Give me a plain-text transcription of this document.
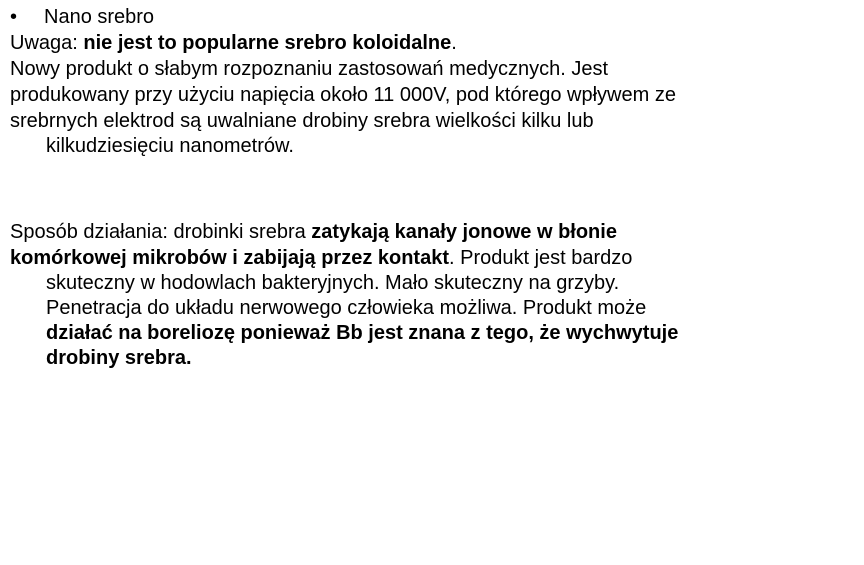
• Nano srebro
Uwaga: nie jest to popularne srebro koloidalne.
Nowy produkt o słabym rozpoznaniu zastosowań medycznych. Jest
produkowany przy użyciu napięcia około 11 000V, pod którego wpływem ze
srebrnych elektrod są uwalniane drobiny srebra wielkości kilku lub
kilkudziesięciu nanometrów.
Sposób działania: drobinki srebra zatykają kanały jonowe w błonie
komórkowej mikrobów i zabijają przez kontakt. Produkt jest bardzo
skuteczny w hodowlach bakteryjnych. Mało skuteczny na grzyby.
Penetracja do układu nerwowego człowieka możliwa. Produkt może
działać na boreliozę ponieważ Bb jest znana z tego, że wychwytuje
drobiny srebra.
